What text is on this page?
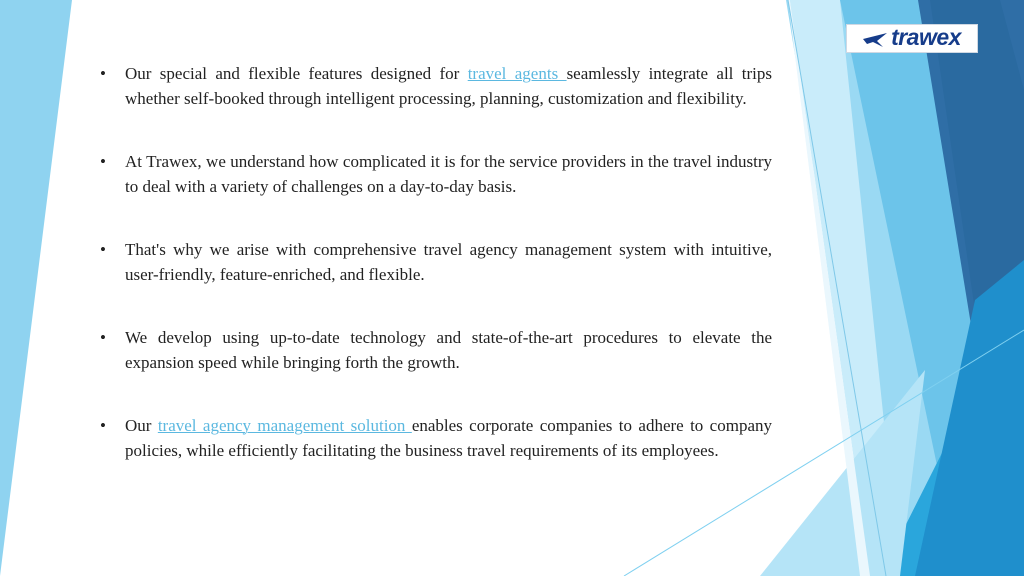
trawex
•	Our special and flexible features designed for travel agents seamlessly integrate all trips whether self-booked through intelligent processing, planning, customization and flexibility.
•	At Trawex, we understand how complicated it is for the service providers in the travel industry to deal with a variety of challenges on a day-to-day basis.
•	That's why we arise with comprehensive travel agency management system with intuitive, user-friendly, feature-enriched, and flexible.
•	We develop using up-to-date technology and state-of-the-art procedures to elevate the expansion speed while bringing forth the growth.
•	Our travel agency management solution enables corporate companies to adhere to company policies, while efficiently facilitating the business travel requirements of its employees.
